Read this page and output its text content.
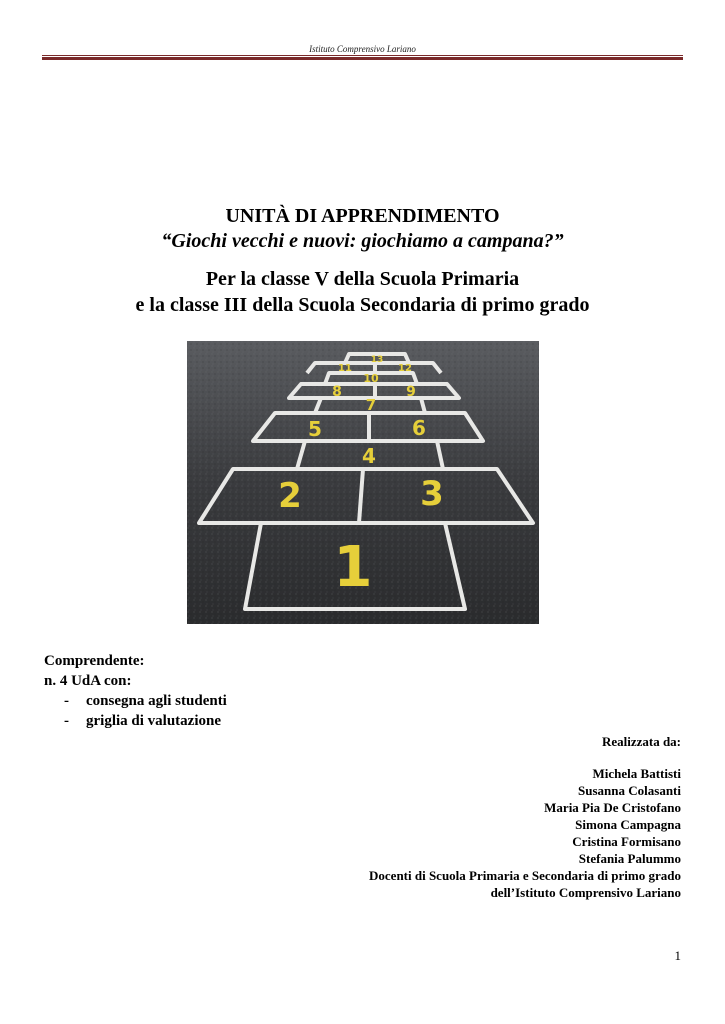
Istituto Comprensivo Lariano
UNITÀ DI APPRENDIMENTO
“Giochi vecchi e nuovi: giochiamo a campana?”
Per la classe V della Scuola Primaria
e la classe III della Scuola Secondaria di primo grado
1
2	3
4
5	6
7
8	9
10
11	12
13
Comprendente:
n. 4 UdA con:
-	consegna agli studenti
-	griglia di valutazione
Realizzata da:
Michela Battisti
Susanna Colasanti
Maria Pia De Cristofano
Simona Campagna
Cristina Formisano
Stefania Palummo
Docenti di Scuola Primaria e Secondaria di primo grado
dell’Istituto Comprensivo Lariano
1
